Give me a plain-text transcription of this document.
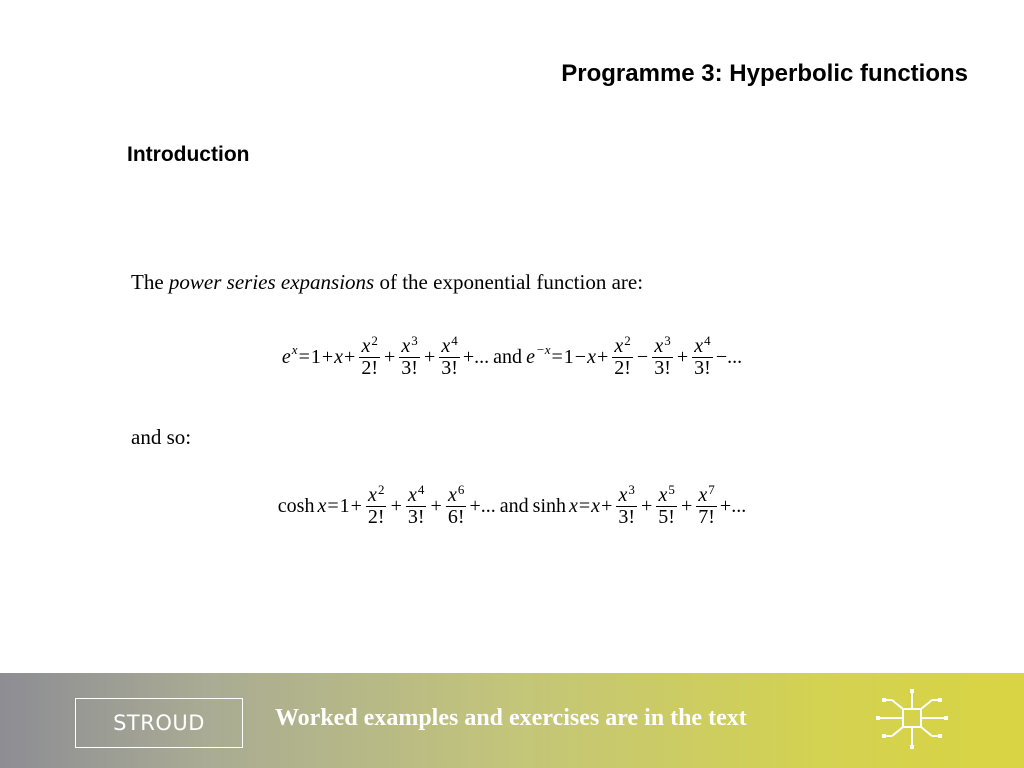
Programme 3: Hyperbolic functions
Introduction
The power series expansions of the exponential function are:
e $x = 1 + x + \frac{x^2}{2!} + \frac{x^3}{3!} + \frac{x^4}{3!}$ +... and $e -x = 1 - x + \frac{x^2}{2!} - \frac{x^3}{3!} + \frac{x^4}{3!}$ −...
and so:
$\cosh x = 1 + \frac{x^2}{2!} + \frac{x^4}{3!} + \frac{x^6}{6!}$ +... and $\sinh x = x + \frac{x^3}{3!} + \frac{x^5}{5!} + \frac{x^7}{7!}$ +...
STROUD	Worked examples and exercises are in the text
